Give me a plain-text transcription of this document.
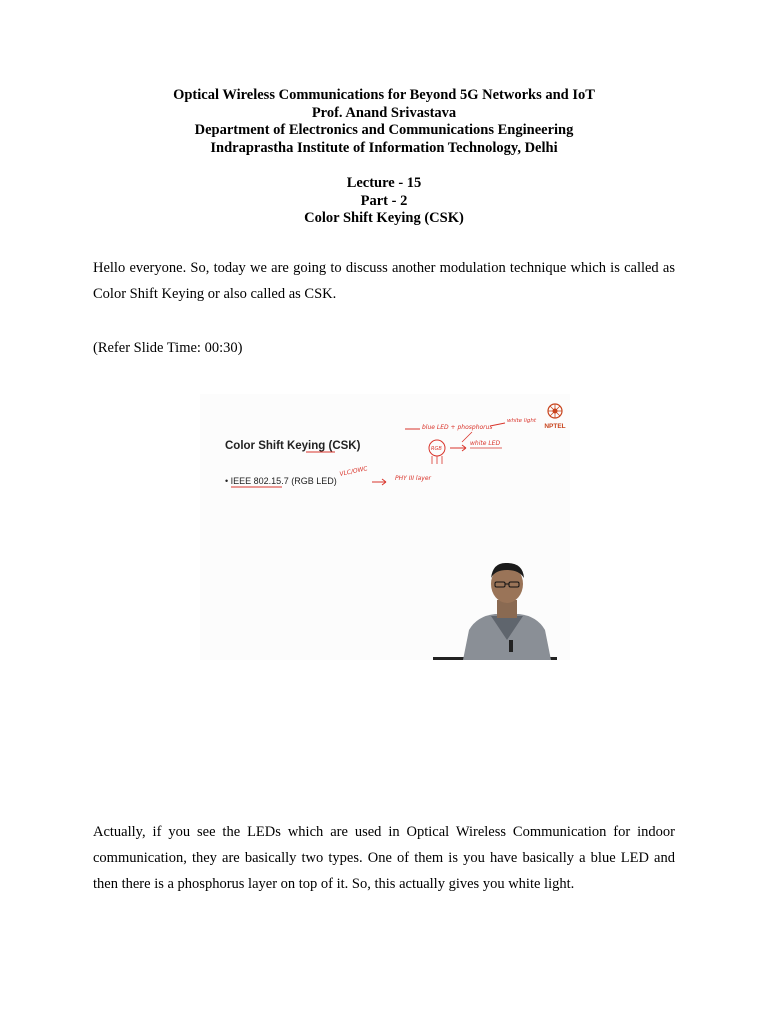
Optical Wireless Communications for Beyond 5G Networks and IoT
Prof. Anand Srivastava
Department of Electronics and Communications Engineering
Indraprastha Institute of Information Technology, Delhi
Lecture - 15
Part - 2
Color Shift Keying (CSK)
Hello everyone. So, today we are going to discuss another modulation technique which is called as Color Shift Keying or also called as CSK.
(Refer Slide Time: 00:30)
Color Shift Keying (CSK)
• IEEE 802.15.7 (RGB LED)
blue LED + phosphorus
white light
RGB
white LED
VLC/OWC
PHY III layer
NPTEL
Actually, if you see the LEDs which are used in Optical Wireless Communication for indoor communication, they are basically two types. One of them is you have basically a blue LED and then there is a phosphorus layer on top of it. So, this actually gives you white light.
